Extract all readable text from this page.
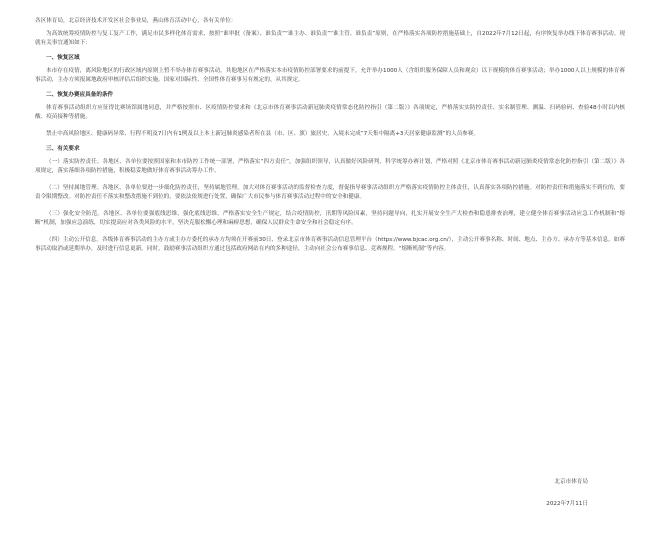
各区体育局，北京经济技术开发区社会事业局，燕山体育活动中心，各有关单位：

为高效统筹疫情防控与复工复产工作，满足市民多样化体育需求，按照“谁审批（备案）、谁负责”“谁主办、谁负责”“谁主管、谁负责”原则，在严格落实各项防控措施基础上，自2022年7月12日起，有序恢复举办线下体育赛事活动。现就有关事宜通知如下：

一、恢复区域

本市存在疫情，离风险地区的行政区域内原则上暂不举办体育赛事活动。其他地区在严格落实本市疫情防控部署要求的前提下，允许举办1000人（含组织服务保障人员和观众）以下规模的体育赛事活动；举办1000人以上规模的体育赛事活动，主办方须报属地政府审核评估后组织实施。国家对国际性、全国性体育赛事另有规定的，从其规定。

二、恢复办赛应具备的条件

体育赛事活动组织方应征得比赛场馆属地同意，并严格按照市、区疫情防控要求和《北京市体育赛事活动新冠肺炎疫情常态化防控指引（第二版）》各项规定，严格落实实防控责任、实名制管理、测温、扫码验码、查验48小时以内核酸、疫苗接种等措施。

禁止中高风险地区、健康码异常、行程不明及7日内有1例及以上本土新冠肺炎感染者所在县（市、区、旗）旅居史、入境未完成“7天集中隔离+3天居家健康监测”的人员参赛。

三、有关要求

（一）落实防控责任。各地区、各单位要按照国家和本市防控工作统一部署，严格落实“四方责任”，加强组织领导，认真做好风险研判，科学统筹办赛计划，严格对照《北京市体育赛事活动新冠肺炎疫情常态化防控指引（第二版）》各项规定，落实落细各项防控措施，积极稳妥地做好体育赛事活动筹办工作。

（二）坚持属地管理。各地区、各单位要进一步细化防控责任，坚持属地管理，加大对体育赛事活动的监督检查力度，督促指导赛事活动组织方严格落实疫情防控主体责任，认真落实各项防控措施。对防控责任和措施落实不到位的，要责令限期整改。对防控责任不落实和整改措施不到位的，要依法依规进行处置，确保广大市民参与体育赛事活动过程中的安全和健康。

（三）强化安全防范。各地区、各单位要强底线思维，强化底线思维，严格落实安全生产规定，结合疫情防控，汛期等风险因素，坚持问题导向，扎实开展安全生产大检查和隐患排查治理，建立健全体育赛事活动应急工作机制和“熔断”机制，加强应急演练，切实提高应对各类风险的水平，坚决克服松懈心理和麻痹思想，确保人民群众生命安全和社会稳定有序。

（四）主动公开信息。各级体育赛事活动的主办方或主办方委托的承办方均须在开赛前30日，登录北京市体育赛事活动信息管理平台（https://www.bjcac.org.cn/），主动公开赛事名称、时间、地点、主办方、承办方等基本信息。如赛事活动取消或延期举办，及时进行信息更新。同时，鼓励赛事活动组织方通过包括政府网站在内的多种途径，主动向社会公布赛事信息、竞赛规程、“熔断机制”等内容。

北京市体育局

2022年7月11日
